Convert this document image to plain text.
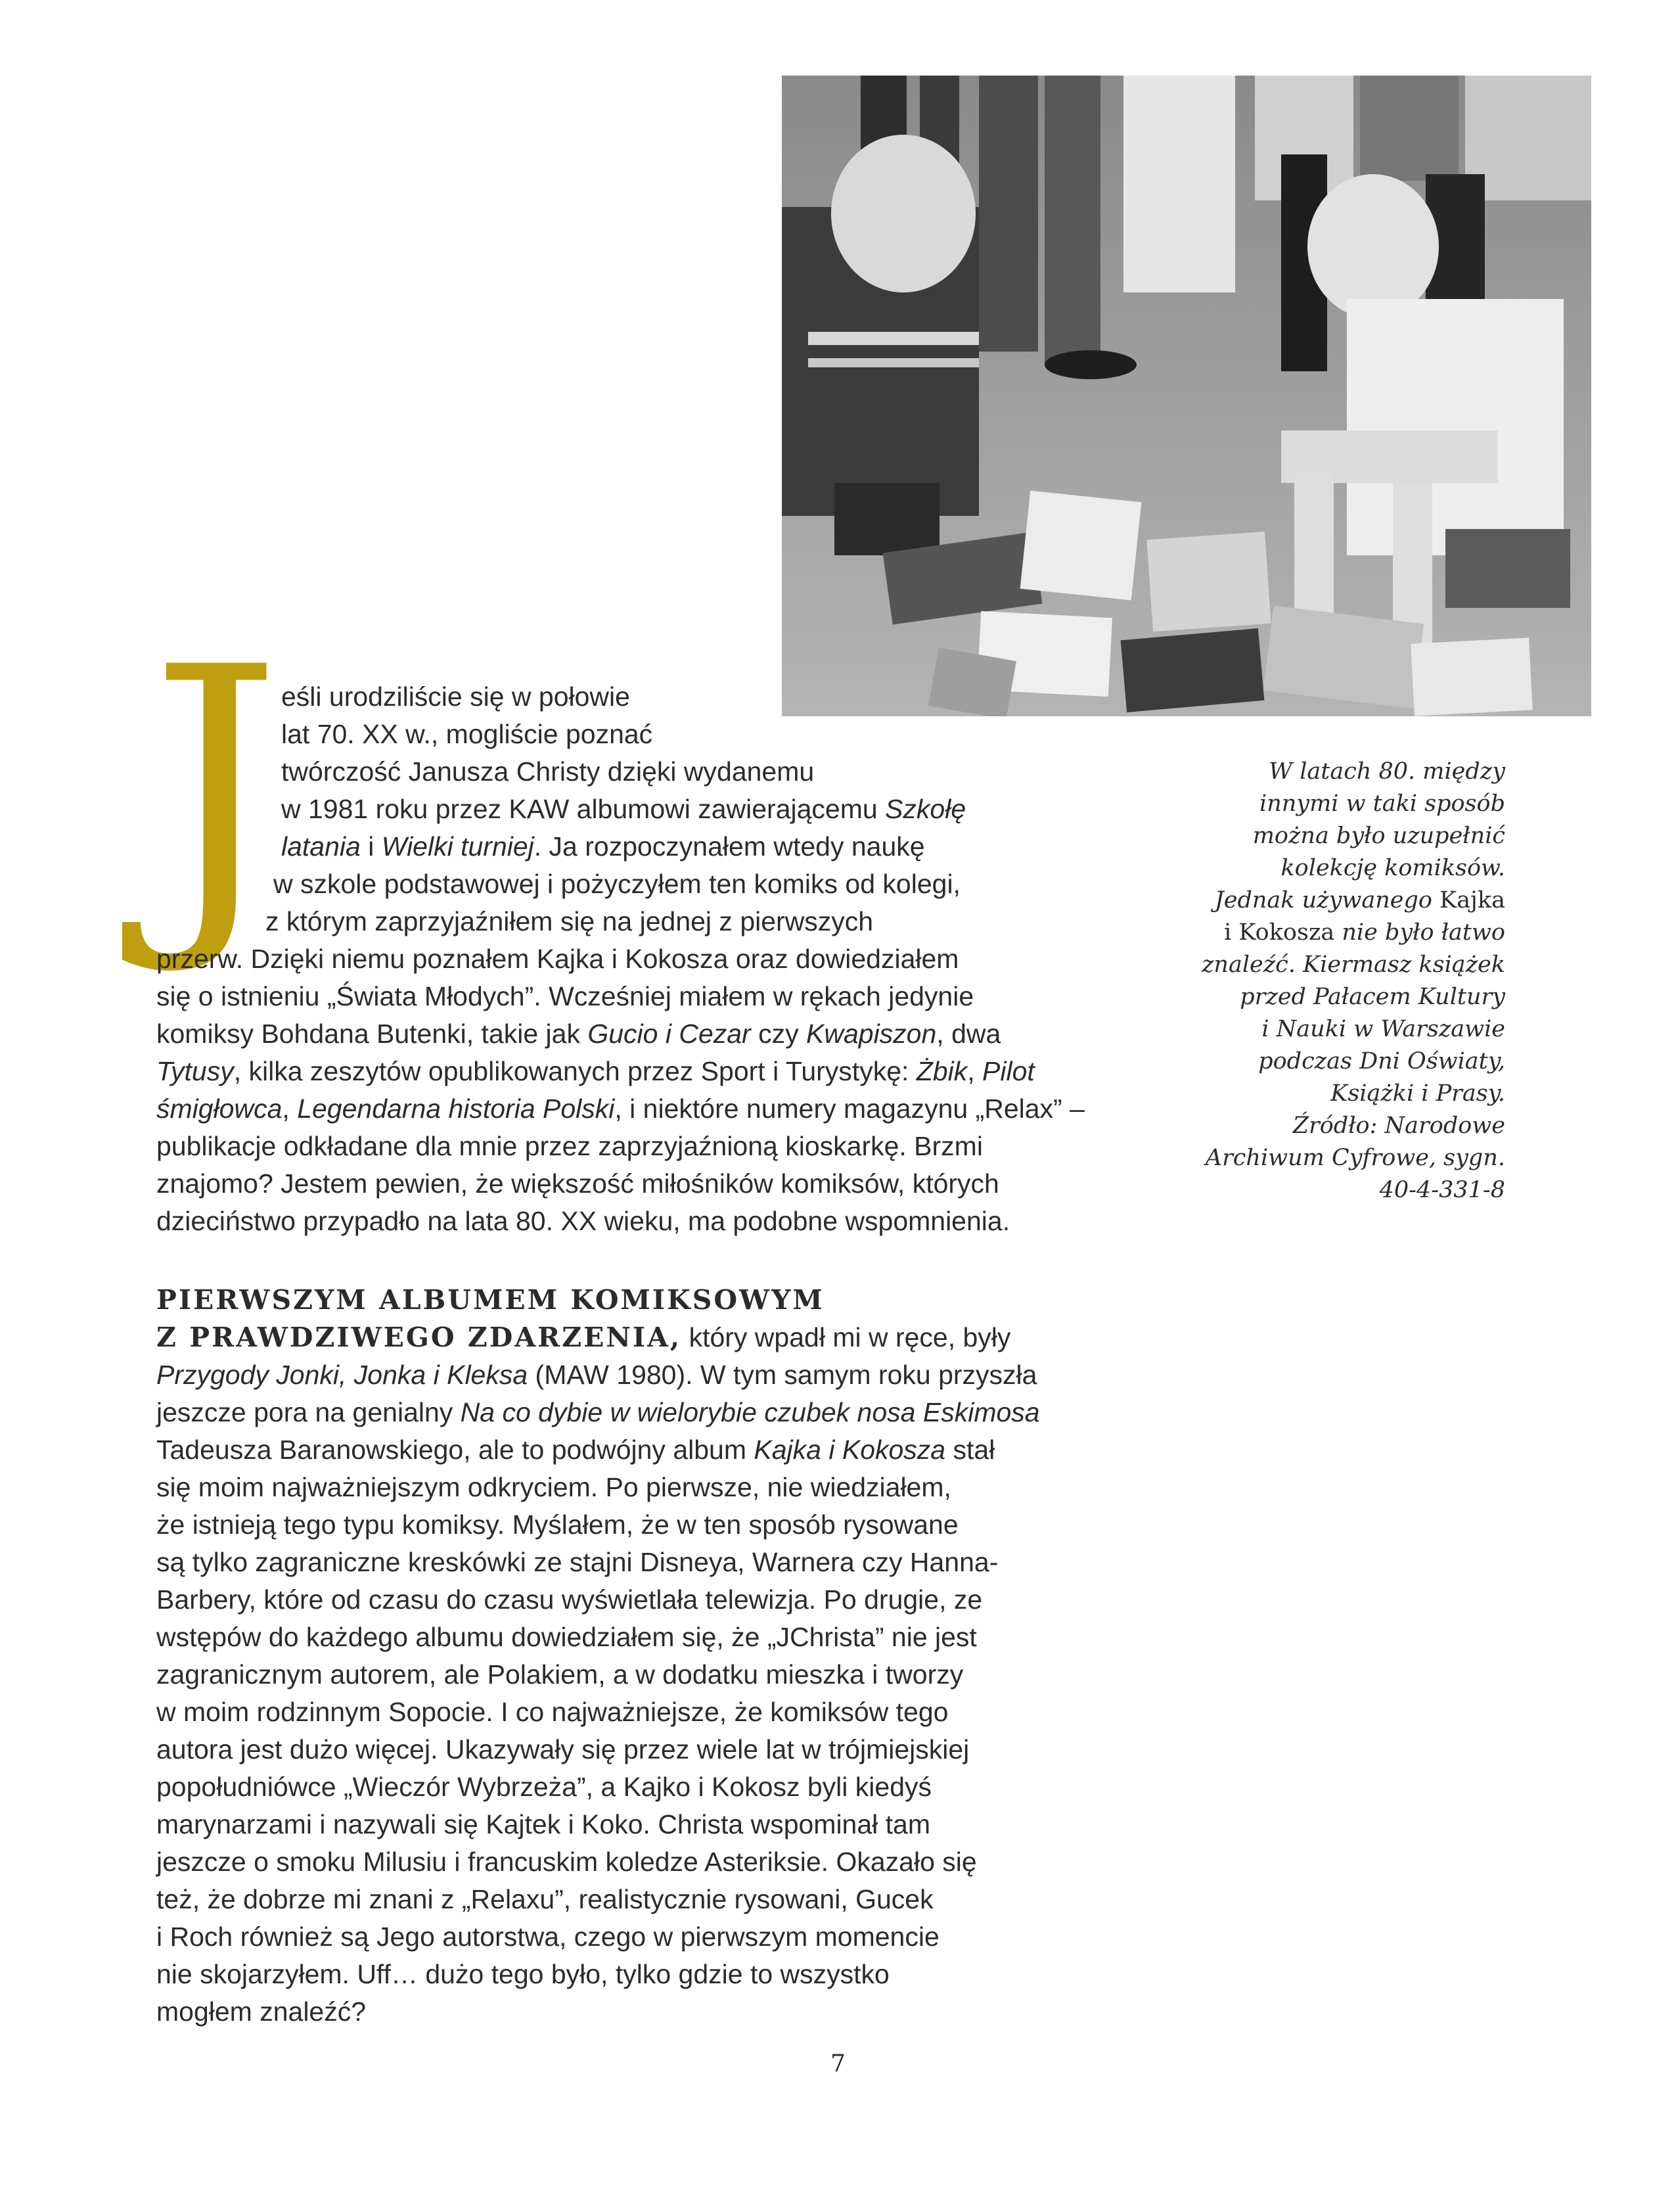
J eśli urodziliście się w połowie
lat 70. XX w., mogliście poznać
twórczość Janusza Christy dzięki wydanemu
w 1981 roku przez KAW albumowi zawierającemu Szkołę
latania i Wielki turniej. Ja rozpoczynałem wtedy naukę
w szkole podstawowej i pożyczyłem ten komiks od kolegi,
z którym zaprzyjaźniłem się na jednej z pierwszych
przerw. Dzięki niemu poznałem Kajka i Kokosza oraz dowiedziałem
się o istnieniu „Świata Młodych”. Wcześniej miałem w rękach jedynie
komiksy Bohdana Butenki, takie jak Gucio i Cezar czy Kwapiszon, dwa
Tytusy, kilka zeszytów opublikowanych przez Sport i Turystykę: Żbik, Pilot
śmigłowca, Legendarna historia Polski, i niektóre numery magazynu „Relax” –
publikacje odkładane dla mnie przez zaprzyjaźnioną kioskarkę. Brzmi
znajomo? Jestem pewien, że większość miłośników komiksów, których
dzieciństwo przypadło na lata 80. XX wieku, ma podobne wspomnienia.
W latach 80. między
innymi w taki sposób
można było uzupełnić
kolekcję komiksów.
Jednak używanego Kajka
i Kokosza nie było łatwo
znaleźć. Kiermasz książek
przed Pałacem Kultury
i Nauki w Warszawie
podczas Dni Oświaty,
Książki i Prasy.
Źródło: Narodowe
Archiwum Cyfrowe, sygn.
40-4-331-8
PIERWSZYM ALBUMEM KOMIKSOWYM
Z PRAWDZIWEGO ZDARZENIA, który wpadł mi w ręce, były
Przygody Jonki, Jonka i Kleksa (MAW 1980). W tym samym roku przyszła
jeszcze pora na genialny Na co dybie w wielorybie czubek nosa Eskimosa
Tadeusza Baranowskiego, ale to podwójny album Kajka i Kokosza stał
się moim najważniejszym odkryciem. Po pierwsze, nie wiedziałem,
że istnieją tego typu komiksy. Myślałem, że w ten sposób rysowane
są tylko zagraniczne kreskówki ze stajni Disneya, Warnera czy Hanna-
Barbery, które od czasu do czasu wyświetlała telewizja. Po drugie, ze
wstępów do każdego albumu dowiedziałem się, że „JChrista” nie jest
zagranicznym autorem, ale Polakiem, a w dodatku mieszka i tworzy
w moim rodzinnym Sopocie. I co najważniejsze, że komiksów tego
autora jest dużo więcej. Ukazywały się przez wiele lat w trójmiejskiej
popołudniówce „Wieczór Wybrzeża”, a Kajko i Kokosz byli kiedyś
marynarzami i nazywali się Kajtek i Koko. Christa wspominał tam
jeszcze o smoku Milusiu i francuskim koledze Asteriksie. Okazało się
też, że dobrze mi znani z „Relaxu”, realistycznie rysowani, Gucek
i Roch również są Jego autorstwa, czego w pierwszym momencie
nie skojarzyłem. Uff… dużo tego było, tylko gdzie to wszystko
mogłem znaleźć?
7
